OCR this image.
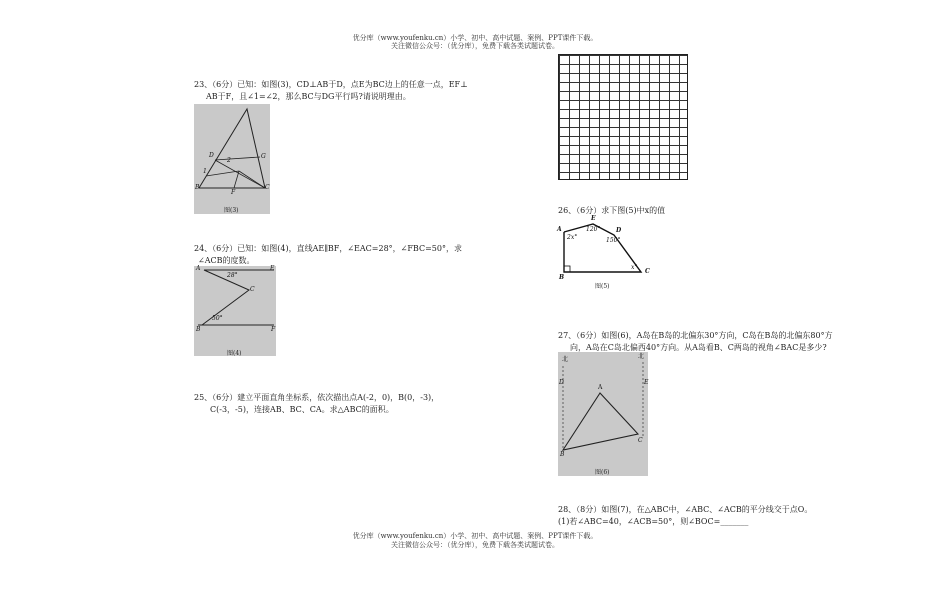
优分库（www.youfenku.cn）小学、初中、高中试题、案例、PPT课件下载。
关注微信公众号：（优分库），免费下载各类试题试卷。
23、（6分）已知：如图(3)，CD⊥AB于D，点E为BC边上的任意一点，EF⊥
AB于F，且∠1=∠2，那么BC与DG平行吗?请说明理由。
D	G
2
1
B
F
C
图(3)
24、（6分）已知：如图(4)，直线AE∥BF，∠EAC=28°，∠FBC=50°，求
∠ACB的度数。
A
28°
E
C
50°
B	F
图(4)
25、（6分）建立平面直角坐标系，依次描出点A(-2，0)，B(0，-3)，
C(-3，-5)，连接AB、BC、CA。求△ABC的面积。
26、（6分）求下图(5)中x的值
A
2x°
E
120°	D
150°
x°
B
C
图(5)
27、（6分）如图(6)，A岛在B岛的北偏东30°方向，C岛在B岛的北偏东80°方
向，A岛在C岛北偏西40°方向。从A岛看B、C两岛的视角∠BAC是多少?
北	北
D	E
A
B
C
图(6)
28、（8分）如图(7)，在△ABC中，∠ABC、∠ACB的平分线交于点O。
(1)若∠ABC=40，∠ACB=50°，则∠BOC=_______
优分库（www.youfenku.cn）小学、初中、高中试题、案例、PPT课件下载。
关注微信公众号：（优分库），免费下载各类试题试卷。
